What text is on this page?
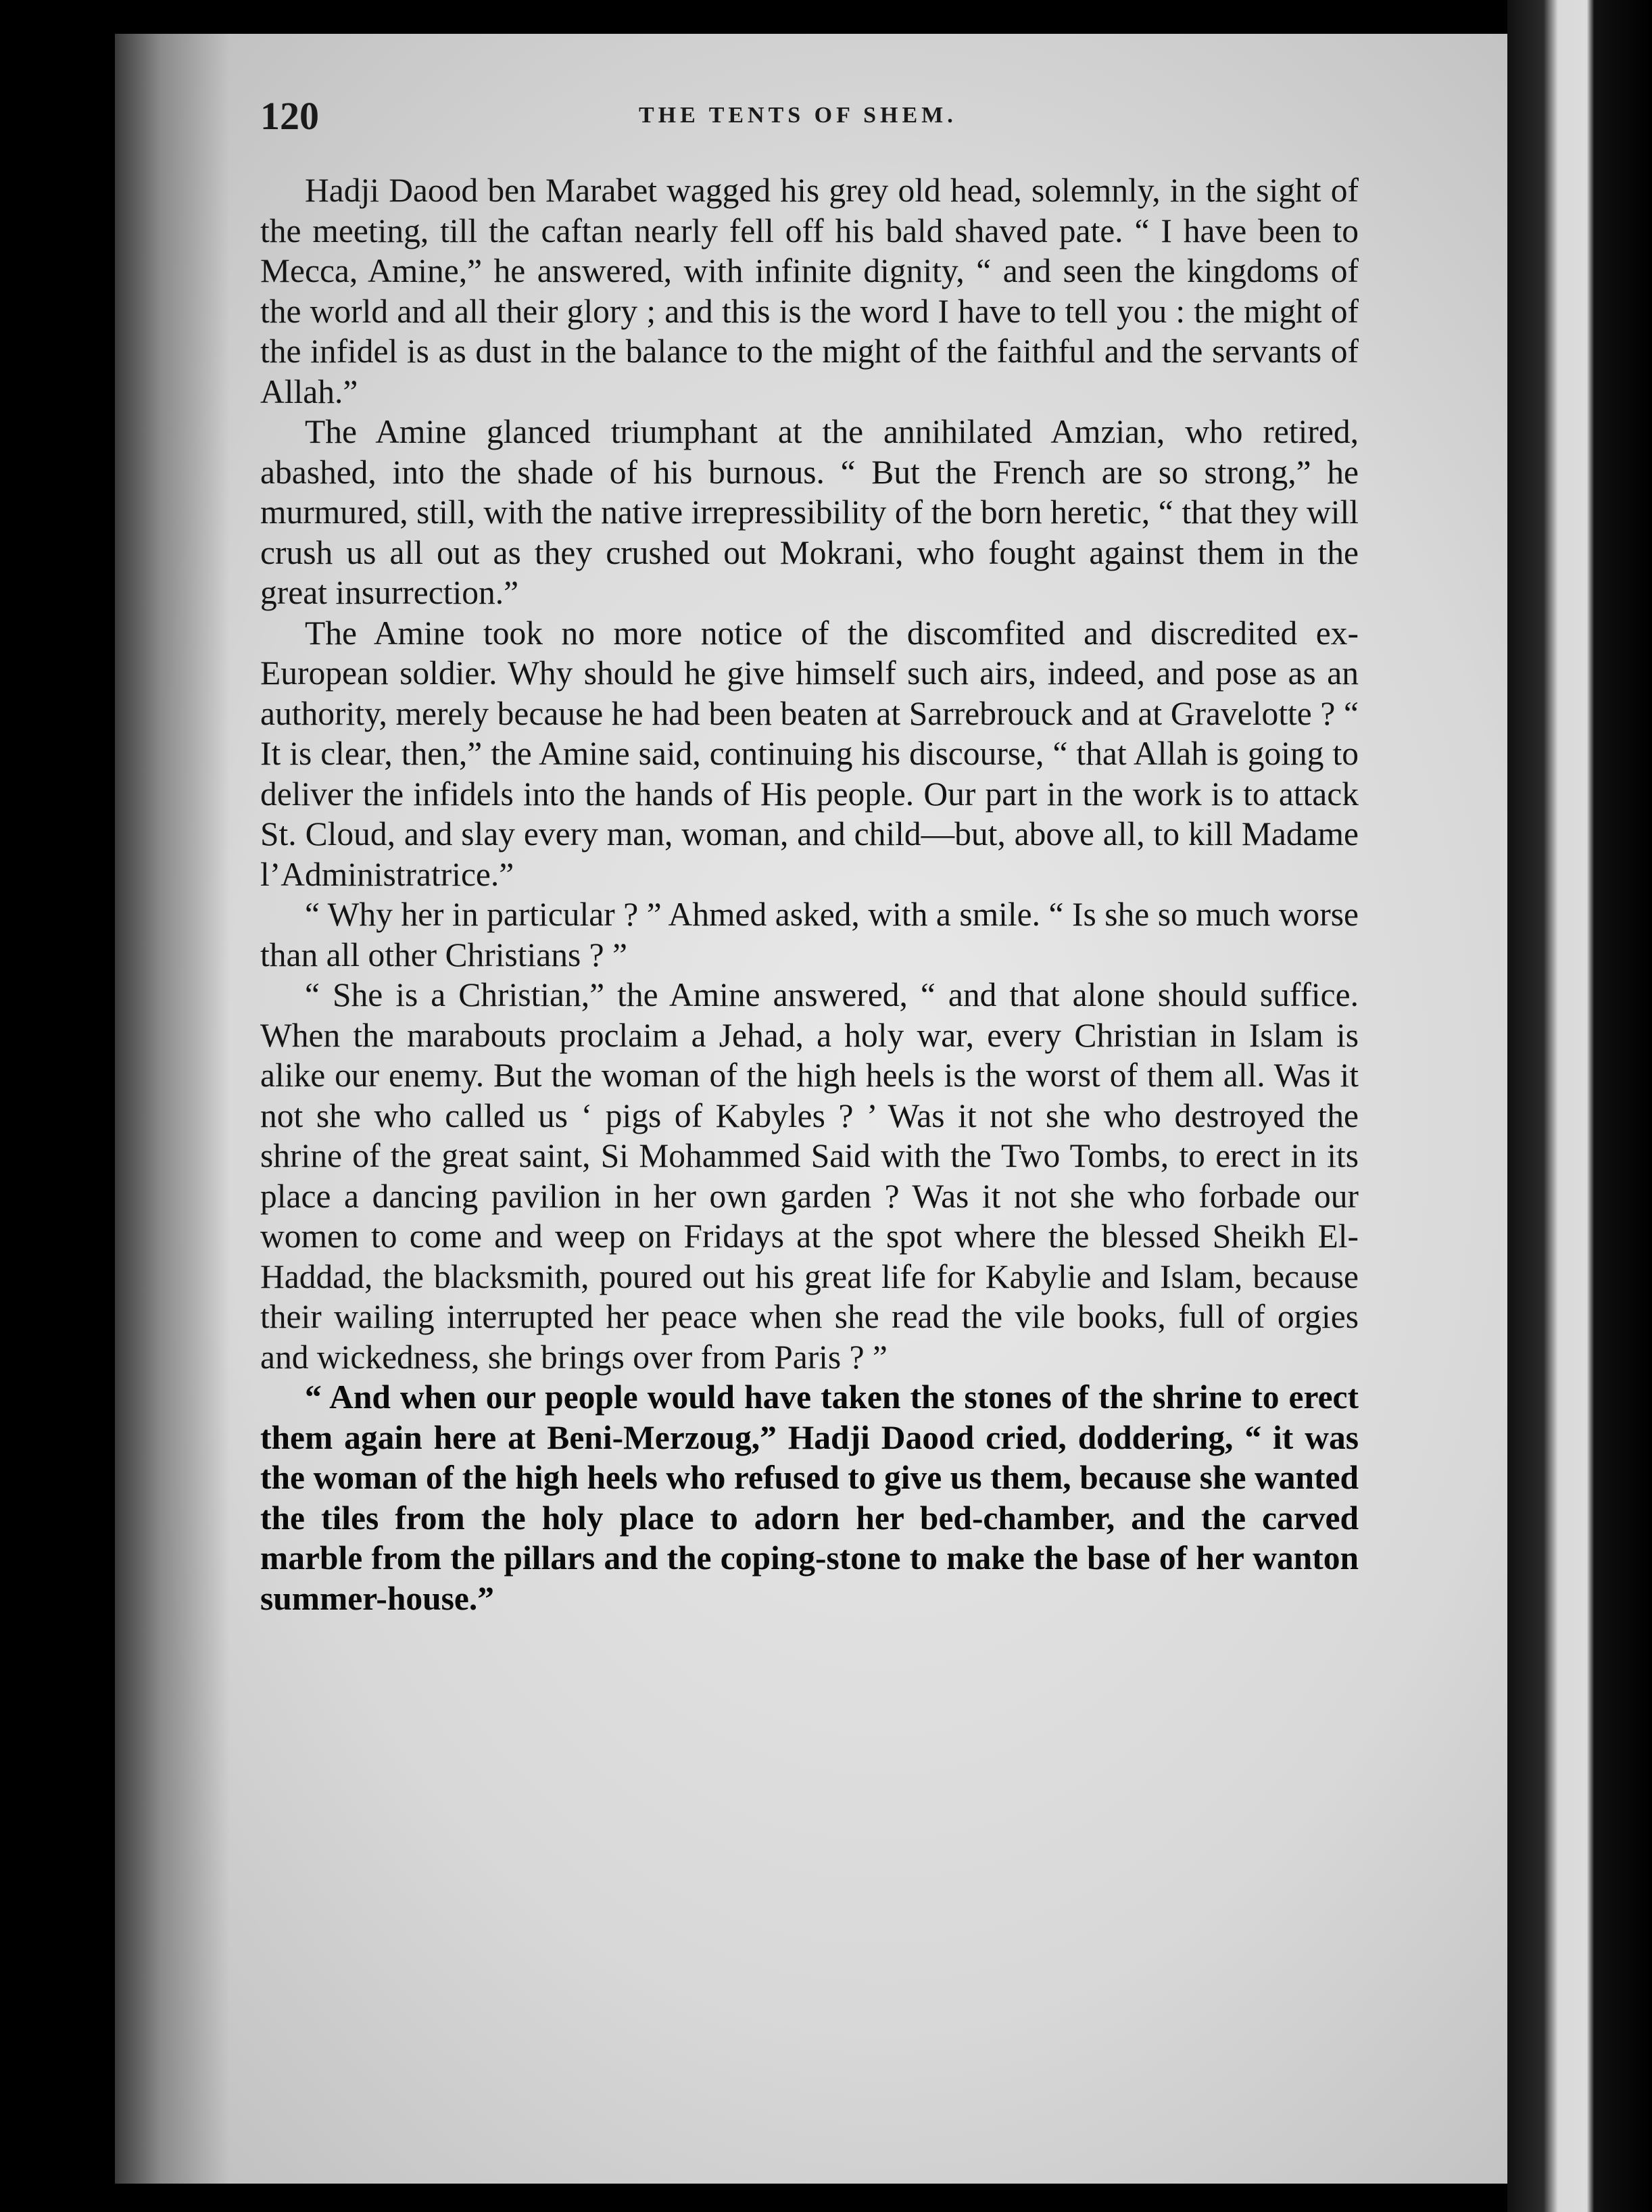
120	THE TENTS OF SHEM.

Hadji Daood ben Marabet wagged his grey old head, solemnly, in the sight of the meeting, till the caftan nearly fell off his bald shaved pate. “ I have been to Mecca, Amine,” he answered, with infinite dignity, “ and seen the kingdoms of the world and all their glory ; and this is the word I have to tell you : the might of the infidel is as dust in the balance to the might of the faithful and the servants of Allah.”

The Amine glanced triumphant at the annihilated Amzian, who retired, abashed, into the shade of his burnous. “ But the French are so strong,” he murmured, still, with the native irrepressibility of the born heretic, “ that they will crush us all out as they crushed out Mokrani, who fought against them in the great insurrection.”

The Amine took no more notice of the discomfited and discredited ex-European soldier. Why should he give himself such airs, indeed, and pose as an authority, merely because he had been beaten at Sarrebrouck and at Gravelotte ? “ It is clear, then,” the Amine said, continuing his discourse, “ that Allah is going to deliver the infidels into the hands of His people. Our part in the work is to attack St. Cloud, and slay every man, woman, and child—but, above all, to kill Madame l’Administratrice.”

“ Why her in particular ? ” Ahmed asked, with a smile. “ Is she so much worse than all other Christians ? ”

“ She is a Christian,” the Amine answered, “ and that alone should suffice. When the marabouts proclaim a Jehad, a holy war, every Christian in Islam is alike our enemy. But the woman of the high heels is the worst of them all. Was it not she who called us ‘ pigs of Kabyles ? ’ Was it not she who destroyed the shrine of the great saint, Si Mohammed Said with the Two Tombs, to erect in its place a dancing pavilion in her own garden ? Was it not she who forbade our women to come and weep on Fridays at the spot where the blessed Sheikh El-Haddad, the blacksmith, poured out his great life for Kabylie and Islam, because their wailing interrupted her peace when she read the vile books, full of orgies and wickedness, she brings over from Paris ? ”

“ And when our people would have taken the stones of the shrine to erect them again here at Beni-Merzoug,” Hadji Daood cried, doddering, “ it was the woman of the high heels who refused to give us them, because she wanted the tiles from the holy place to adorn her bed-chamber, and the carved marble from the pillars and the coping-stone to make the base of her wanton summer-house.”
